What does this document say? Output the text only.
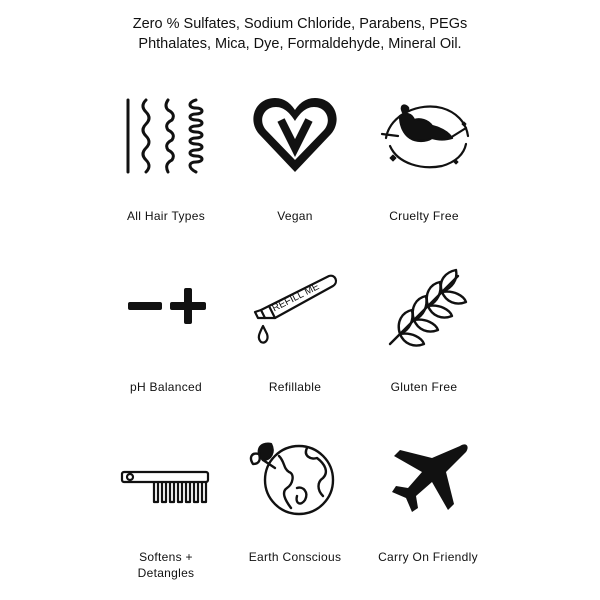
Zero % Sulfates, Sodium Chloride, Parabens, PEGs
Phthalates, Mica, Dye, Formaldehyde, Mineral Oil.
All Hair Types	Vegan	Cruelty Free
REFILL ME
pH Balanced	Refillable	Gluten Free
Softens +
Detangles
Earth Conscious	Carry On Friendly
